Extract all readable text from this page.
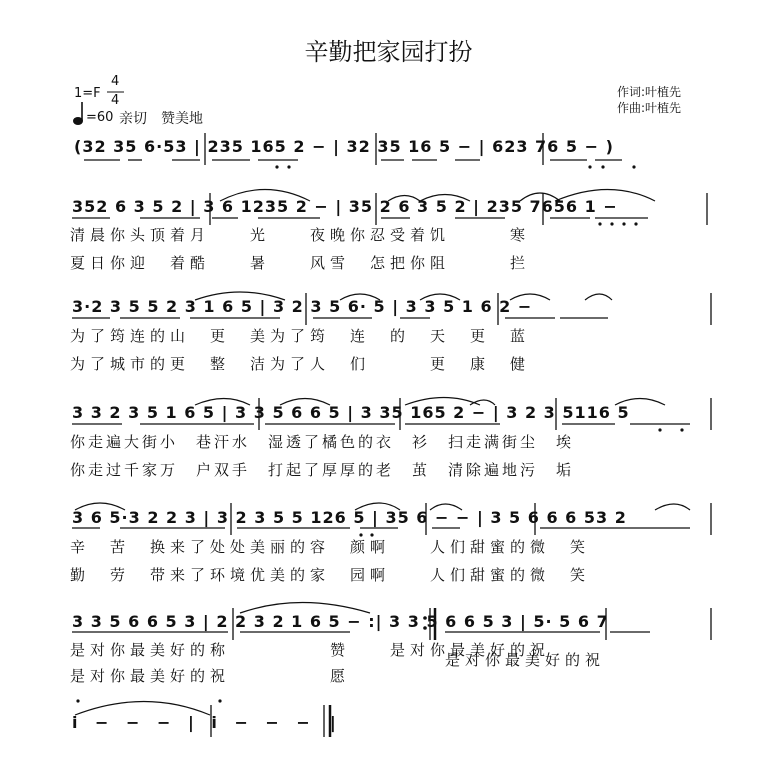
辛勤把家园打扮
作词:叶植先
作曲:叶植先
1=F
4
4
=60 亲切　赞美地
(32 35 6·53 | 235 165 2 − | 32 35 16 5 − | 623 76 5 − )
352 6 3 5 2 | 3 6 1235 2 − | 35 2 6 3 5 2 | 235 7656 1 −
清晨你头顶着月　　光　　夜晚你忍受着饥　　　寒
夏日你迎　着酷　　暑　　风雪　怎把你阻　　　拦
3·2 3 5 5 2 3 1 6 5 | 3 2 3 5 6· 5 | 3 3 5 1 6 2 −
为了筠连的山　更　美为了筠　连　的　天　更　蓝
为了城市的更　整　洁为了人　们　　　更　康　健
3 3 2 3 5 1 6 5 | 3 3 5 6 6 5 | 3 35 165 2 − | 3 2 3 5116 5
你走遍大街小　巷汗水　湿透了橘色的衣　衫　扫走满街尘　埃
你走过千家万　户双手　打起了厚厚的老　茧　清除遍地污　垢
3 6 5·3 2 2 3 | 3 2 3 5 5 126 5 | 35 6 − − | 3 5 6 6 6 53 2
辛　苦　换来了处处美丽的容　颜啊　　人们甜蜜的微　笑
勤　劳　带来了环境优美的家　园啊　　人们甜蜜的微　笑
3 3 5 6 6 5 3 | 2 2 3 2 1 6 5 − :| 3 3 5 6 6 5 3 | 5· 5 6 7
是对你最美好的称　　　　　赞　　是对你最美好的祝
是对你最美好的祝　　　　　愿
是对你最美好的祝
i − − − | i − − − ‖
